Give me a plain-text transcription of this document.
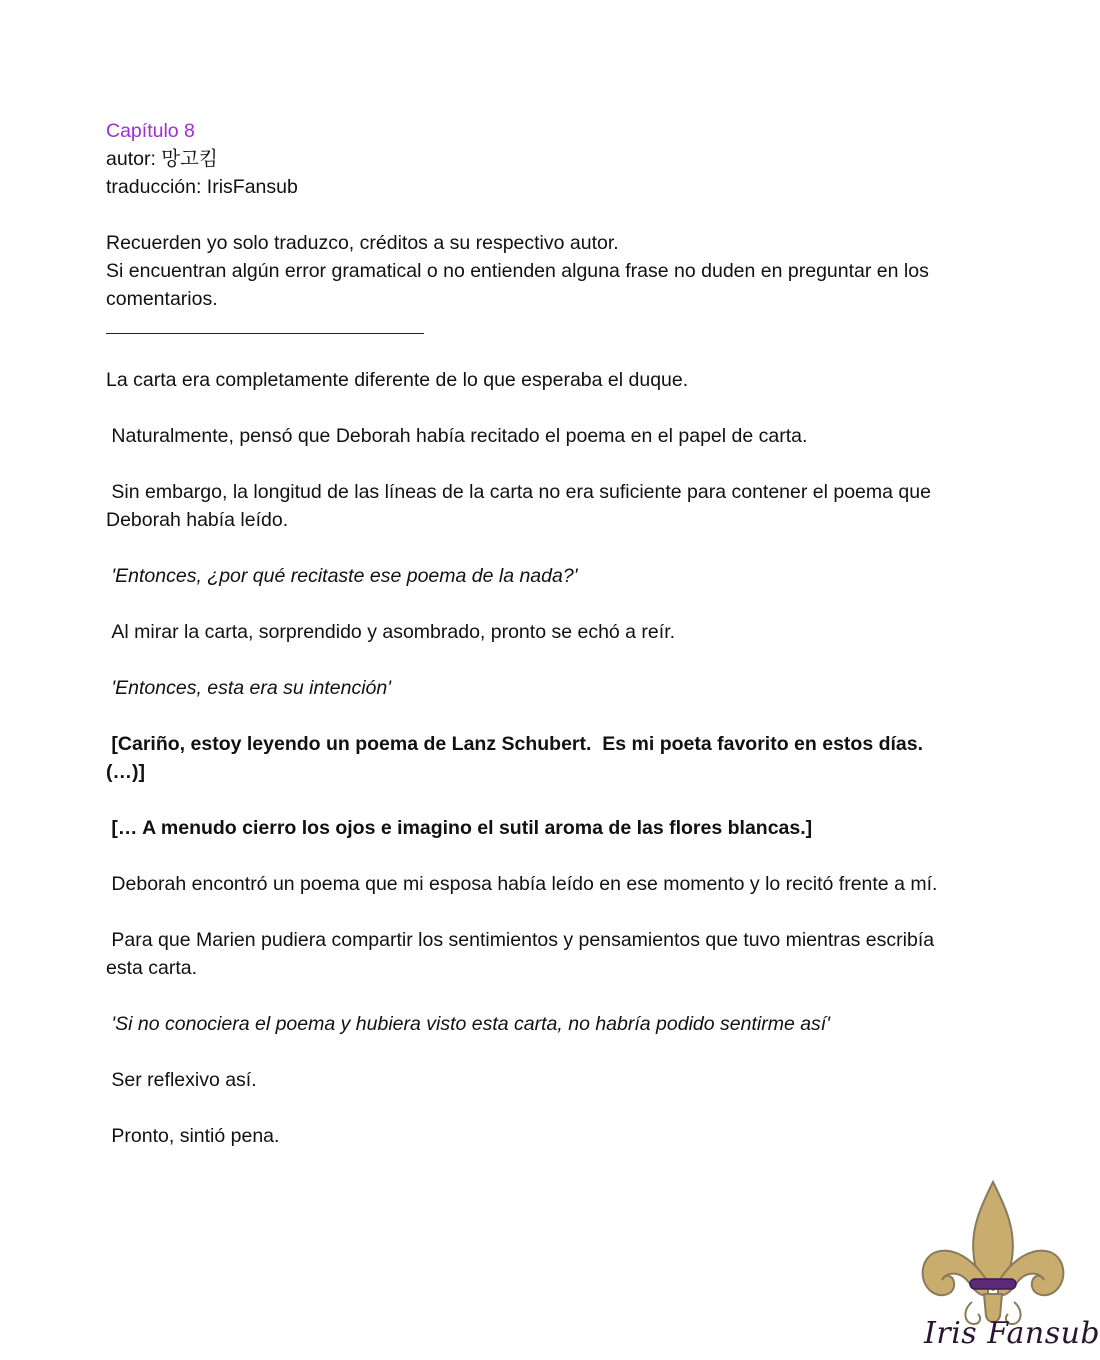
Capítulo 8
autor: 망고킴
traducción: IrisFansub
Recuerden yo solo traduzco, créditos a su respectivo autor.
Si encuentran algún error gramatical o no entienden alguna frase no duden en preguntar en los comentarios.
La carta era completamente diferente de lo que esperaba el duque.
Naturalmente, pensó que Deborah había recitado el poema en el papel de carta.
Sin embargo, la longitud de las líneas de la carta no era suficiente para contener el poema que Deborah había leído.
'Entonces, ¿por qué recitaste ese poema de la nada?'
Al mirar la carta, sorprendido y asombrado, pronto se echó a reír.
'Entonces, esta era su intención'
[Cariño, estoy leyendo un poema de Lanz Schubert.  Es mi poeta favorito en estos días.  (…)]
[… A menudo cierro los ojos e imagino el sutil aroma de las flores blancas.]
Deborah encontró un poema que mi esposa había leído en ese momento y lo recitó frente a mí.
Para que Marien pudiera compartir los sentimientos y pensamientos que tuvo mientras escribía esta carta.
'Si no conociera el poema y hubiera visto esta carta, no habría podido sentirme así'
Ser reflexivo así.
Pronto, sintió pena.
Iris Fansub
